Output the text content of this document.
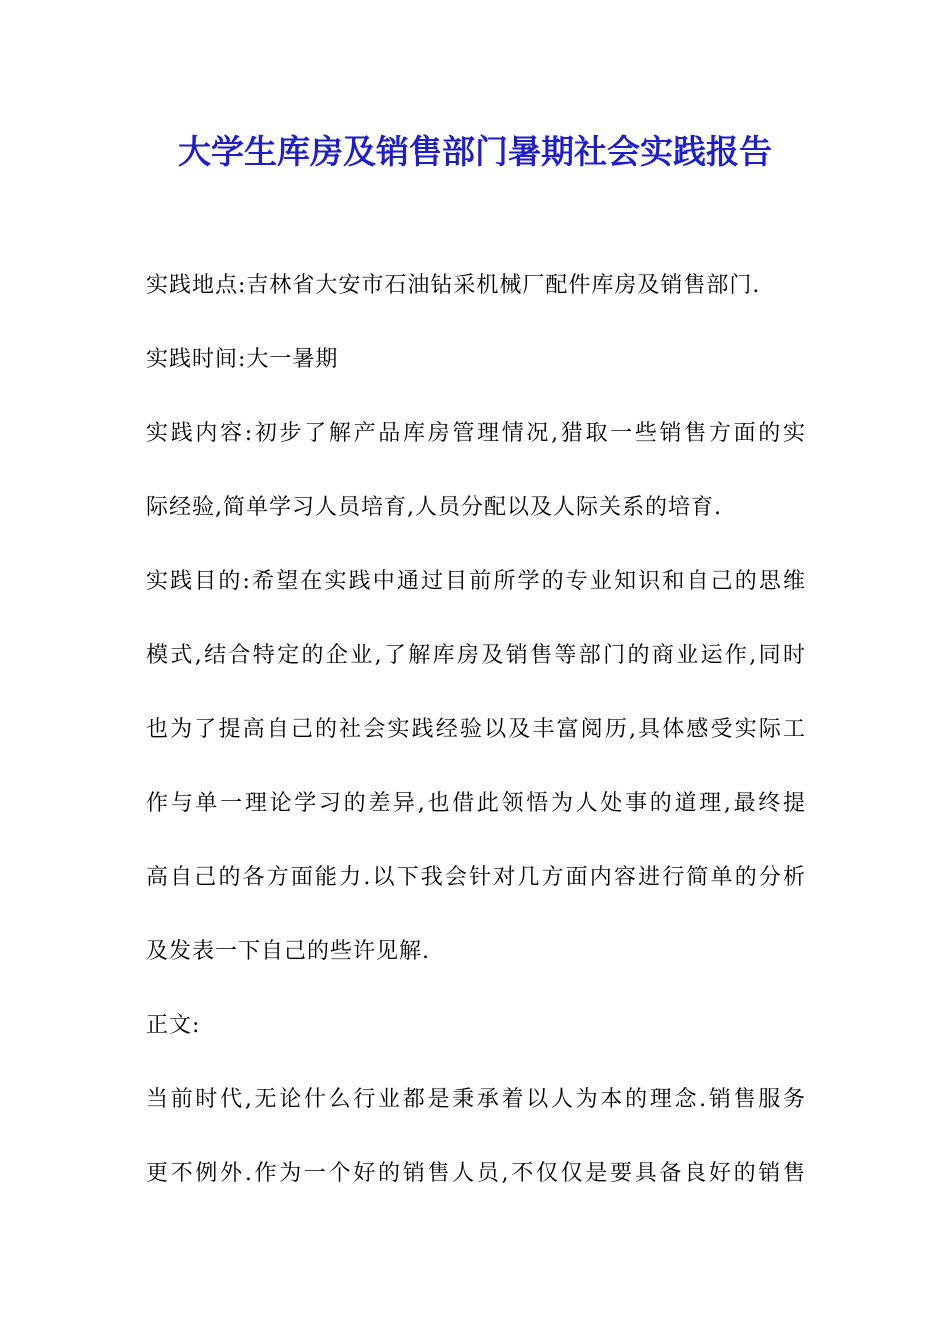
大学生库房及销售部门暑期社会实践报告
实践地点:吉林省大安市石油钻采机械厂配件库房及销售部门.
实践时间:大一暑期
实践内容:初步了解产品库房管理情况,猎取一些销售方面的实
际经验,简单学习人员培育,人员分配以及人际关系的培育.
实践目的:希望在实践中通过目前所学的专业知识和自己的思维
模式,结合特定的企业,了解库房及销售等部门的商业运作,同时
也为了提高自己的社会实践经验以及丰富阅历,具体感受实际工
作与单一理论学习的差异,也借此领悟为人处事的道理,最终提
高自己的各方面能力.以下我会针对几方面内容进行简单的分析
及发表一下自己的些许见解.
正文:
当前时代,无论什么行业都是秉承着以人为本的理念.销售服务
更不例外.作为一个好的销售人员,不仅仅是要具备良好的销售
